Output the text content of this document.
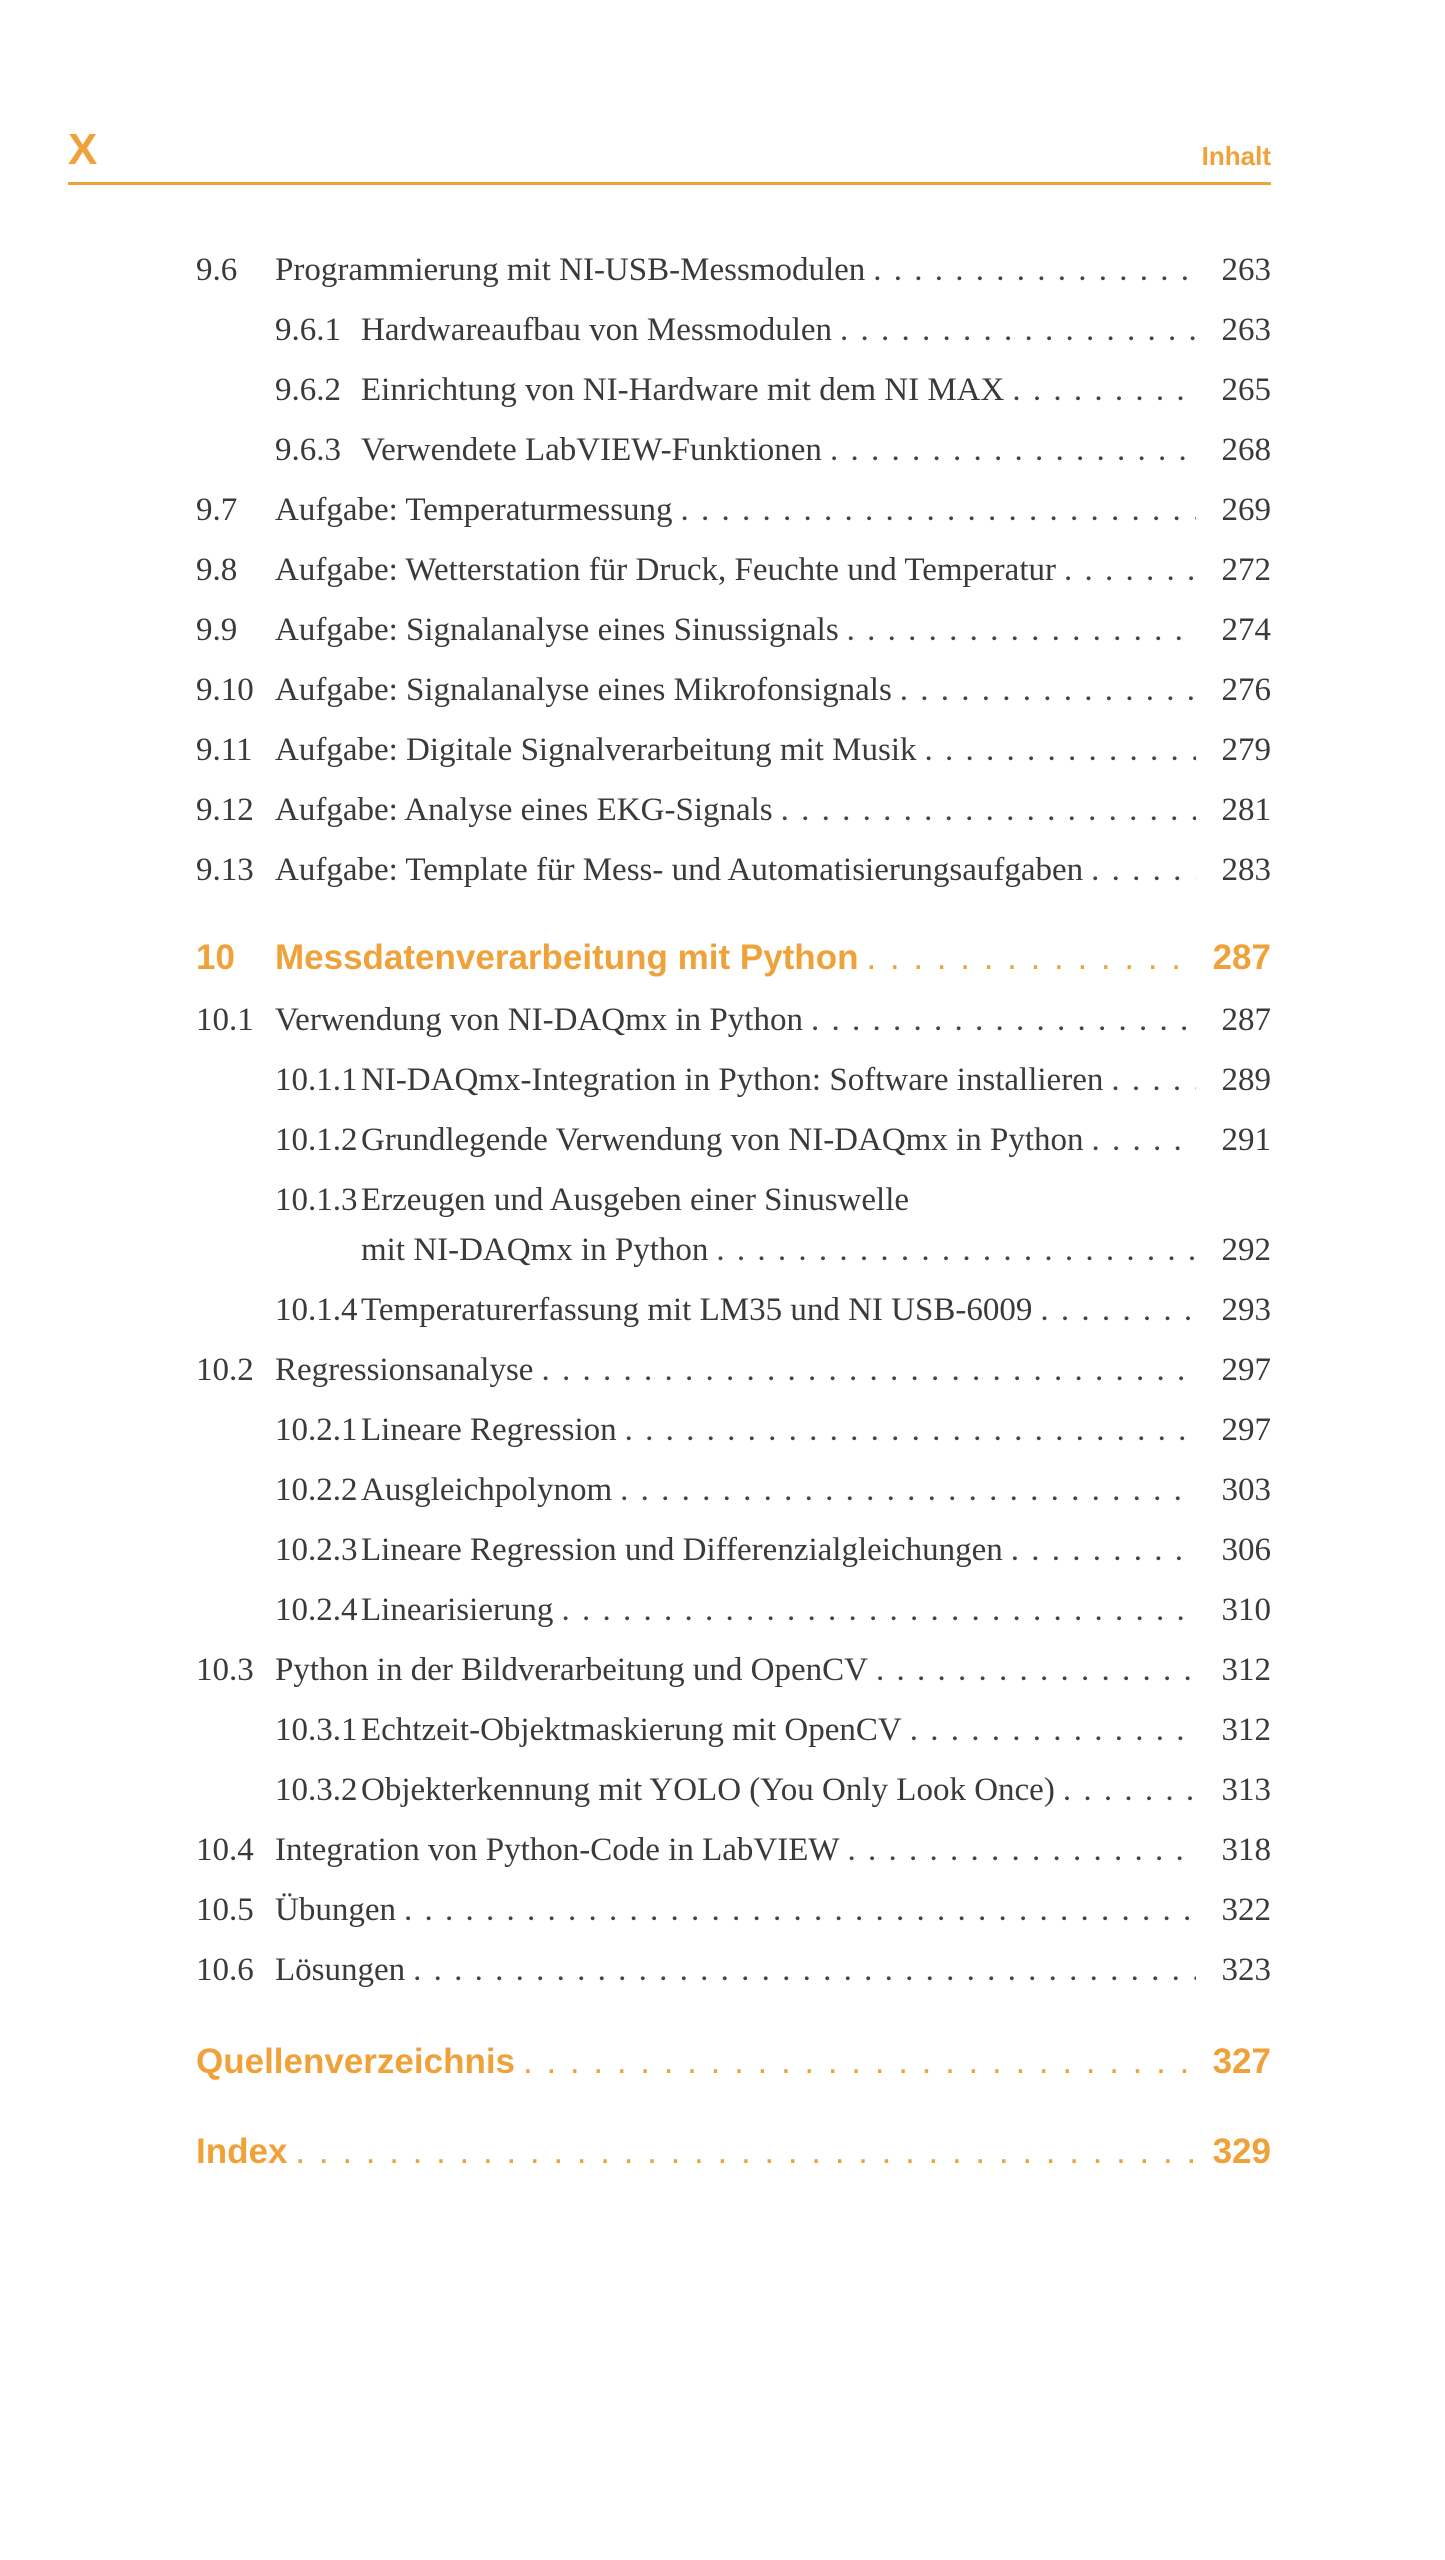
X	Inhalt
9.6 Programmierung mit NI-USB-Messmodulen . . .	263
9.6.1 Hardwareaufbau von Messmodulen . . .	263
9.6.2 Einrichtung von NI-Hardware mit dem NI MAX . . .	265
9.6.3 Verwendete LabVIEW-Funktionen . . .	268
9.7 Aufgabe: Temperaturmessung . . .	269
9.8 Aufgabe: Wetterstation für Druck, Feuchte und Temperatur . . .	272
9.9 Aufgabe: Signalanalyse eines Sinussignals . . .	274
9.10 Aufgabe: Signalanalyse eines Mikrofonsignals . . .	276
9.11 Aufgabe: Digitale Signalverarbeitung mit Musik . . .	279
9.12 Aufgabe: Analyse eines EKG-Signals . . .	281
9.13 Aufgabe: Template für Mess- und Automatisierungsaufgaben . . .	283
10 Messdatenverarbeitung mit Python . . .	287
10.1 Verwendung von NI-DAQmx in Python . . .	287
10.1.1 NI-DAQmx-Integration in Python: Software installieren . . .	289
10.1.2 Grundlegende Verwendung von NI-DAQmx in Python . . .	291
10.1.3 Erzeugen und Ausgeben einer Sinuswelle
mit NI-DAQmx in Python . . .	292
10.1.4 Temperaturerfassung mit LM35 und NI USB-6009 . . .	293
10.2 Regressionsanalyse . . .	297
10.2.1 Lineare Regression . . .	297
10.2.2 Ausgleichpolynom . . .	303
10.2.3 Lineare Regression und Differenzialgleichungen . . .	306
10.2.4 Linearisierung . . .	310
10.3 Python in der Bildverarbeitung und OpenCV . . .	312
10.3.1 Echtzeit-Objektmaskierung mit OpenCV . . .	312
10.3.2 Objekterkennung mit YOLO (You Only Look Once) . . .	313
10.4 Integration von Python-Code in LabVIEW . . .	318
10.5 Übungen . . .	322
10.6 Lösungen . . .	323
Quellenverzeichnis . . .	327
Index . . .	329
